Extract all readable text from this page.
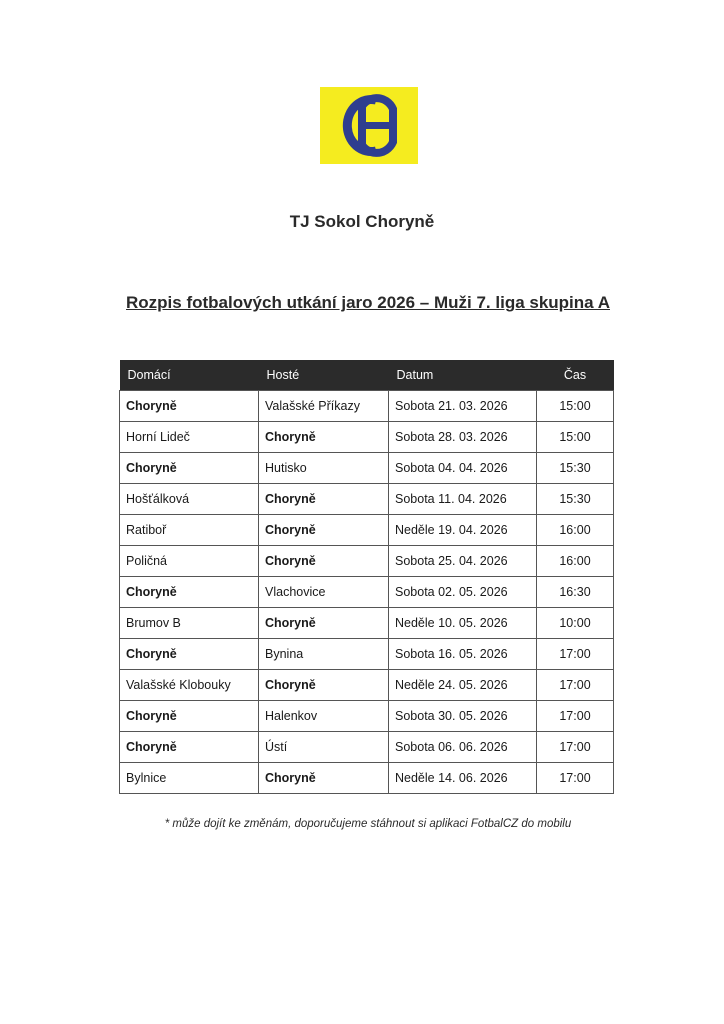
TJ Sokol Choryně
Rozpis fotbalových utkání jaro 2026 – Muži 7. liga skupina A
Domácí	Hosté	Datum	Čas
Choryně	Valašské Příkazy	Sobota 21. 03. 2026	15:00
Horní Lideč	Choryně	Sobota 28. 03. 2026	15:00
Choryně	Hutisko	Sobota 04. 04. 2026	15:30
Hošťálková	Choryně	Sobota 11. 04. 2026	15:30
Ratiboř	Choryně	Neděle 19. 04. 2026	16:00
Poličná	Choryně	Sobota 25. 04. 2026	16:00
Choryně	Vlachovice	Sobota 02. 05. 2026	16:30
Brumov B	Choryně	Neděle 10. 05. 2026	10:00
Choryně	Bynina	Sobota 16. 05. 2026	17:00
Valašské Klobouky	Choryně	Neděle 24. 05. 2026	17:00
Choryně	Halenkov	Sobota 30. 05. 2026	17:00
Choryně	Ústí	Sobota 06. 06. 2026	17:00
Bylnice	Choryně	Neděle 14. 06. 2026	17:00
* může dojít ke změnám, doporučujeme stáhnout si aplikaci FotbalCZ do mobilu
